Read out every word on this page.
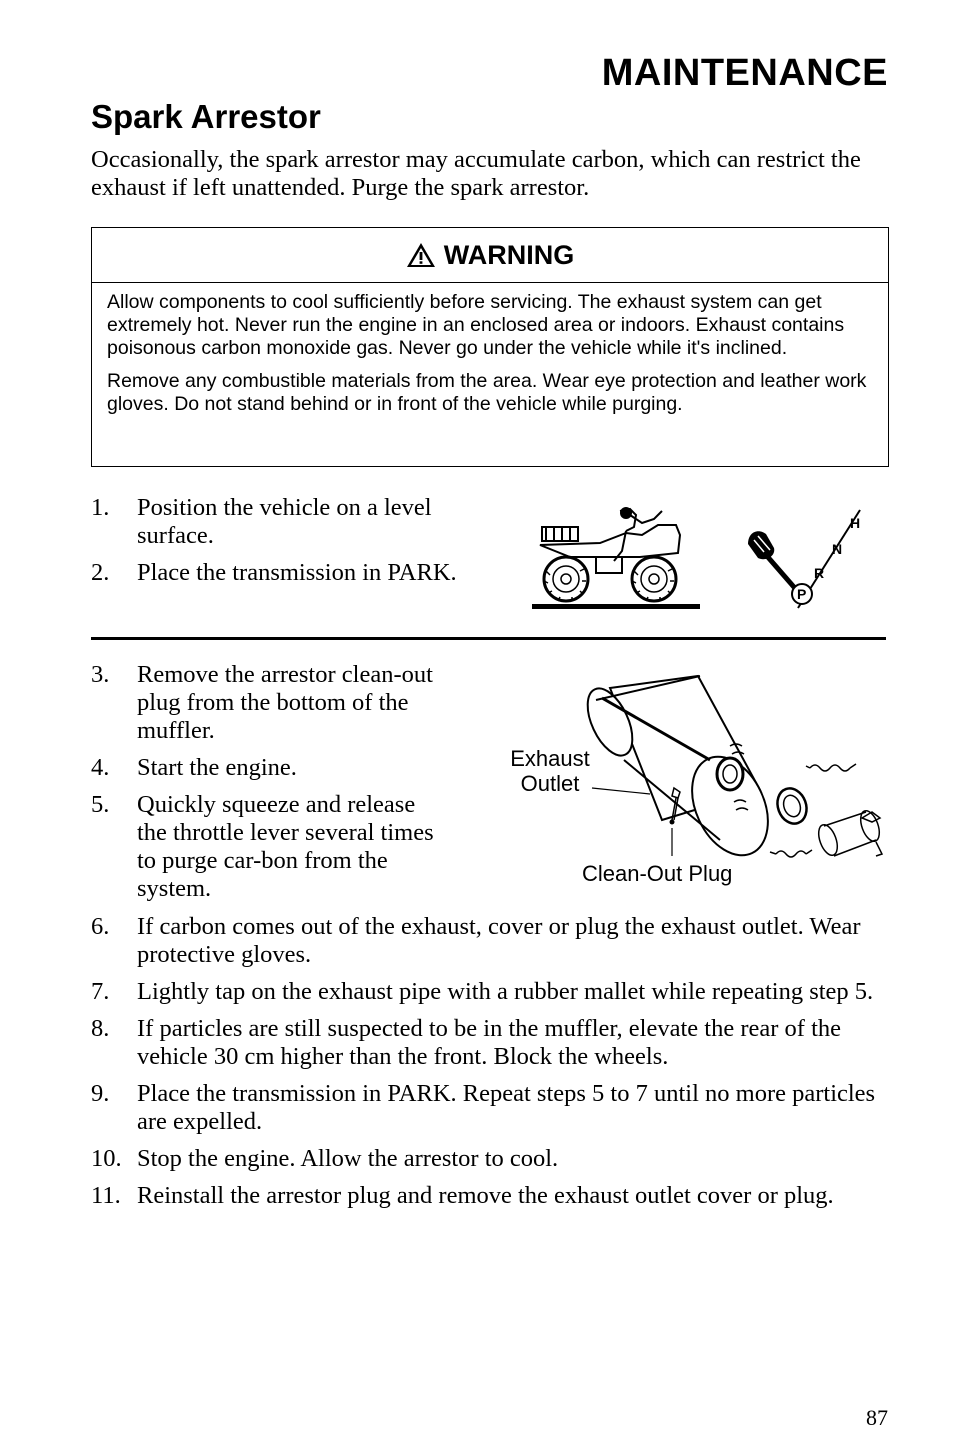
MAINTENANCE
Spark Arrestor
Occasionally, the spark arrestor may accumulate carbon, which can restrict the exhaust if left unattended. Purge the spark arrestor.
WARNING

Allow components to cool sufficiently before servicing. The exhaust system can get extremely hot. Never run the engine in an enclosed area or indoors. Exhaust contains poisonous carbon monoxide gas. Never go under the vehicle while it's inclined.

Remove any combustible materials from the area. Wear eye protection and leather work gloves. Do not stand behind or in front of the vehicle while purging.

1. Position the vehicle on a level surface.
2. Place the transmission in PARK.
H
N
R
P
3. Remove the arrestor clean-out plug from the bottom of the muffler.
4. Start the engine.
5. Quickly squeeze and release the throttle lever several times to purge car-bon from the system.
Exhaust
Outlet
Clean-Out Plug
6. If carbon comes out of the exhaust, cover or plug the exhaust outlet. Wear protective gloves.
7. Lightly tap on the exhaust pipe with a rubber mallet while repeating step 5.
8. If particles are still suspected to be in the muffler, elevate the rear of the vehicle 30 cm higher than the front. Block the wheels.
9. Place the transmission in PARK. Repeat steps 5 to 7 until no more particles are expelled.
10. Stop the engine. Allow the arrestor to cool.
11. Reinstall the arrestor plug and remove the exhaust outlet cover or plug.
87
